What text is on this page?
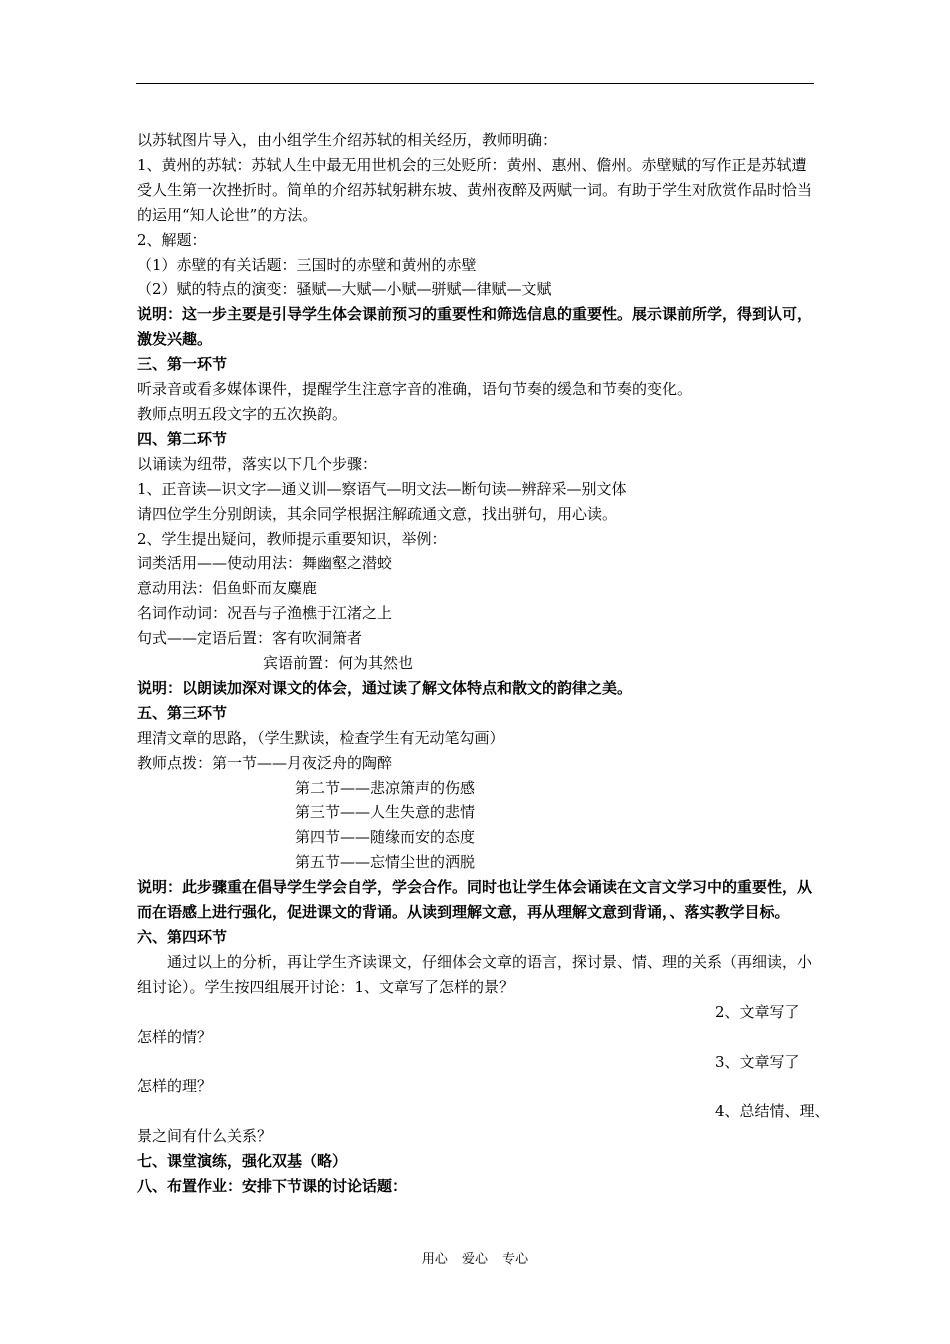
以苏轼图片导入，由小组学生介绍苏轼的相关经历，教师明确：

1、黄州的苏轼：苏轼人生中最无用世机会的三处贬所：黄州、惠州、儋州。赤壁赋的写作正是苏轼遭受人生第一次挫折时。简单的介绍苏轼躬耕东坡、黄州夜醉及两赋一词。有助于学生对欣赏作品时恰当的运用“知人论世”的方法。

2、解题：

（1）赤壁的有关话题：三国时的赤壁和黄州的赤壁

（2）赋的特点的演变：骚赋—大赋—小赋—骈赋—律赋—文赋

说明：这一步主要是引导学生体会课前预习的重要性和筛选信息的重要性。展示课前所学，得到认可，激发兴趣。

三、第一环节

听录音或看多媒体课件，提醒学生注意字音的准确，语句节奏的缓急和节奏的变化。

教师点明五段文字的五次换韵。

四、第二环节

以诵读为纽带，落实以下几个步骤：

1、正音读—识文字—通义训—察语气—明文法—断句读—辨辞采—别文体

请四位学生分别朗读，其余同学根据注解疏通文意，找出骈句，用心读。

2、学生提出疑问，教师提示重要知识，举例：

词类活用——使动用法：舞幽壑之潜蛟

意动用法：侣鱼虾而友麋鹿

名词作动词：况吾与子渔樵于江渚之上

句式——定语后置：客有吹洞箫者

宾语前置：何为其然也

说明：以朗读加深对课文的体会，通过读了解文体特点和散文的韵律之美。

五、第三环节

理清文章的思路，（学生默读，检查学生有无动笔勾画）

教师点拨：第一节——月夜泛舟的陶醉

第二节——悲凉箫声的伤感

第三节——人生失意的悲情

第四节——随缘而安的态度

第五节——忘情尘世的洒脱

说明：此步骤重在倡导学生学会自学，学会合作。同时也让学生体会诵读在文言文学习中的重要性，从而在语感上进行强化，促进课文的背诵。从读到理解文意，再从理解文意到背诵，、落实教学目标。

六、第四环节

通过以上的分析，再让学生齐读课文，仔细体会文章的语言，探讨景、情、理的关系（再细读，小组讨论）。学生按四组展开讨论：1、文章写了怎样的景？

2、文章写了

怎样的情？

3、文章写了

怎样的理？

4、总结情、理、

景之间有什么关系？

七、课堂演练，强化双基（略）

八、布置作业：安排下节课的讨论话题：

用心 爱心 专心
